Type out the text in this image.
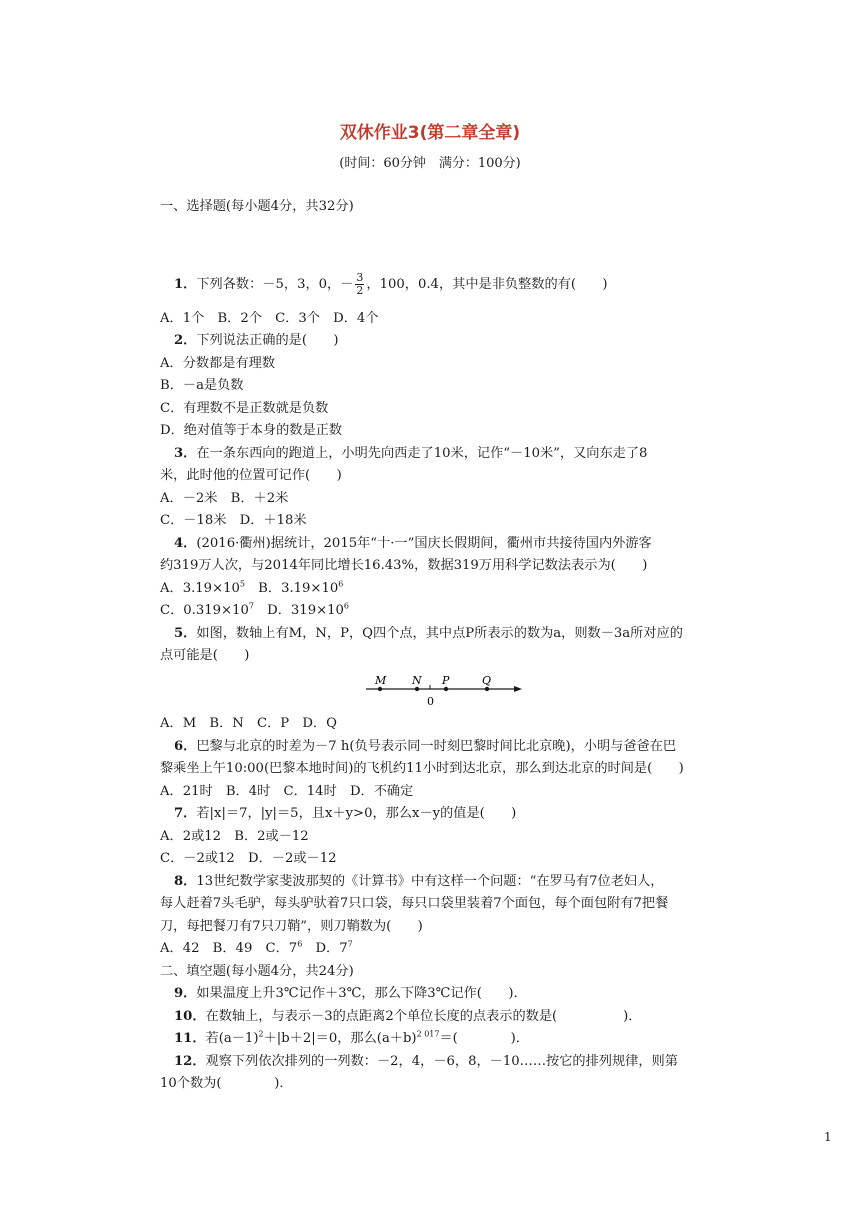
双休作业3(第二章全章)
(时间：60分钟　满分：100分)
一、选择题(每小题4分，共32分)
1．下列各数：－5，3，0，－ $\frac{3}{2}$ ，100，0.4，其中是非负整数的有(　　)
A．1个　B．2个　C．3个　D．4个
2．下列说法正确的是(　　)
A．分数都是有理数
B．－a是负数
C．有理数不是正数就是负数
D．绝对值等于本身的数是正数
3．在一条东西向的跑道上，小明先向西走了10米，记作“－10米”，又向东走了8
米，此时他的位置可记作(　　)
A．－2米　B．＋2米
C．－18米　D．＋18米
4．(2016·衢州)据统计，2015年“十·一”国庆长假期间，衢州市共接待国内外游客
约319万人次，与2014年同比增长16.43%，数据319万用科学记数法表示为(　　)
A．$3.19\times 10^5$　B．$3.19\times 10^6$
C．$0.319\times 10^7$　D．$319\times 10^6$
5．如图，数轴上有M，N，P，Q四个点，其中点P所表示的数为a，则数－3a所对应的
点可能是(　　)
M N P	Q
0
A．M　B．N　C．P　D．Q
6．巴黎与北京的时差为－7 h(负号表示同一时刻巴黎时间比北京晚)，小明与爸爸在巴
黎乘坐上午10:00(巴黎本地时间)的飞机约11小时到达北京，那么到达北京的时间是(　　)
A．21时　B．4时　C．14时　D．不确定
7．若|x|＝7，|y|＝5，且x＋y>0，那么x－y的值是(　　)
A．2或12　B．2或－12
C．－2或12　D．－2或－12
8．13世纪数学家斐波那契的《计算书》中有这样一个问题：“在罗马有7位老妇人，
每人赶着7头毛驴，每头驴驮着7只口袋，每只口袋里装着7个面包，每个面包附有7把餐
刀，每把餐刀有7只刀鞘”，则刀鞘数为(　　)
A．42　B．49　C．$7^6$　D．$7^7$
二、填空题(每小题4分，共24分)
9．如果温度上升3℃记作＋3℃，那么下降3℃记作(　　)．
10．在数轴上，与表示－3的点距离2个单位长度的点表示的数是(　　　　　)．
11．若$(a-1)^2+|b+2|=0$，那么$(a+b)^{2 017}=$(　　　　)．
12．观察下列依次排列的一列数：－2，4，－6，8，－10……按它的排列规律，则第
10个数为(　　　　)．
1
